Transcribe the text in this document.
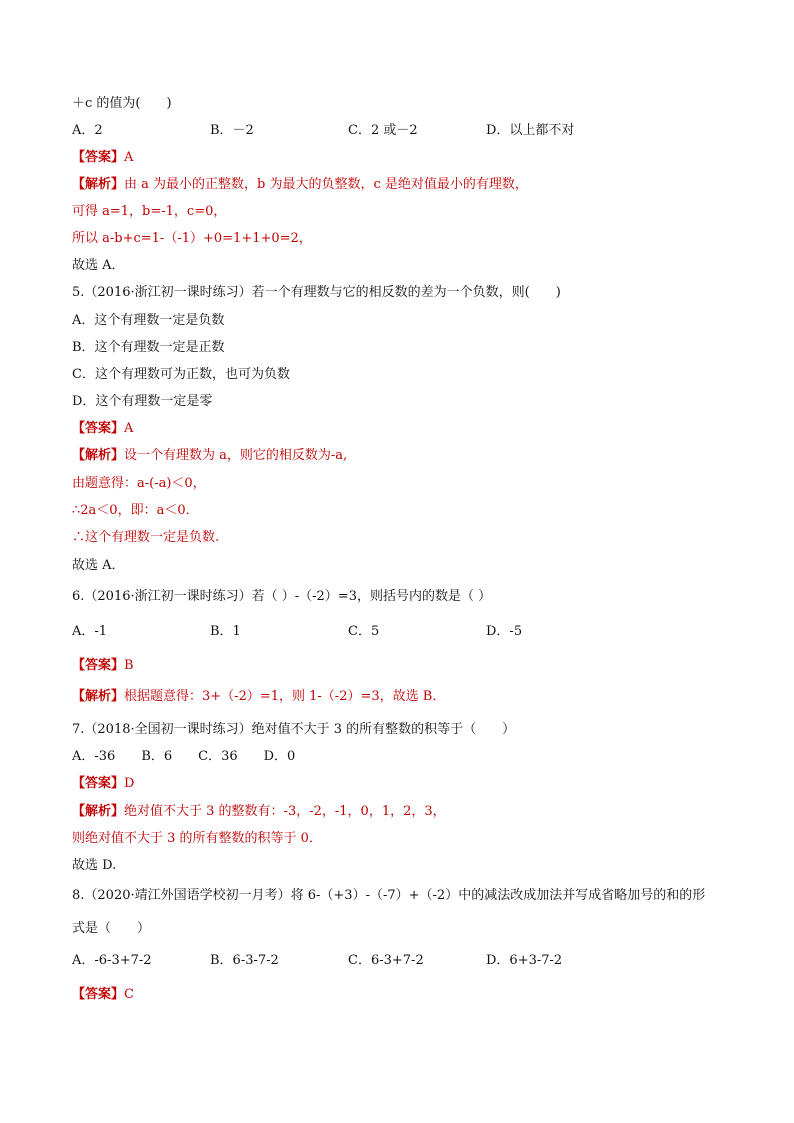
＋c 的值为(　　)
A．2	B．－2	C．2 或－2	D．以上都不对
【答案】A
【解析】由 a 为最小的正整数，b 为最大的负整数，c 是绝对值最小的有理数，
可得 a=1，b=-1，c=0，
所以 a-b+c=1-（-1）+0=1+1+0=2，
故选 A．
5.（2016·浙江初一课时练习）若一个有理数与它的相反数的差为一个负数，则(　　)
A．这个有理数一定是负数
B．这个有理数一定是正数
C．这个有理数可为正数，也可为负数
D．这个有理数一定是零
【答案】A
【解析】设一个有理数为 a，则它的相反数为-a,
由题意得：a-(-a)＜0，
∴2a＜0，即：a＜0．
∴这个有理数一定是负数.
故选 A．
6.（2016·浙江初一课时练习）若（ ）-（-2）=3，则括号内的数是（ ）
A．-1	B．1	C．5	D．-5
【答案】B
【解析】根据题意得：3+（-2）=1，则 1-（-2）=3，故选 B．
7.（2018·全国初一课时练习）绝对值不大于 3 的所有整数的积等于（　　）
A．-36　　B．6　　C．36　　D．0
【答案】D
【解析】绝对值不大于 3 的整数有：-3，-2，-1，0，1，2，3，
则绝对值不大于 3 的所有整数的积等于 0．
故选 D.
8.（2020·靖江外国语学校初一月考）将 6-（+3）-（-7）+（-2）中的减法改成加法并写成省略加号的和的形
式是（　　）
A．-6-3+7-2	B．6-3-7-2	C．6-3+7-2	D．6+3-7-2
【答案】C
